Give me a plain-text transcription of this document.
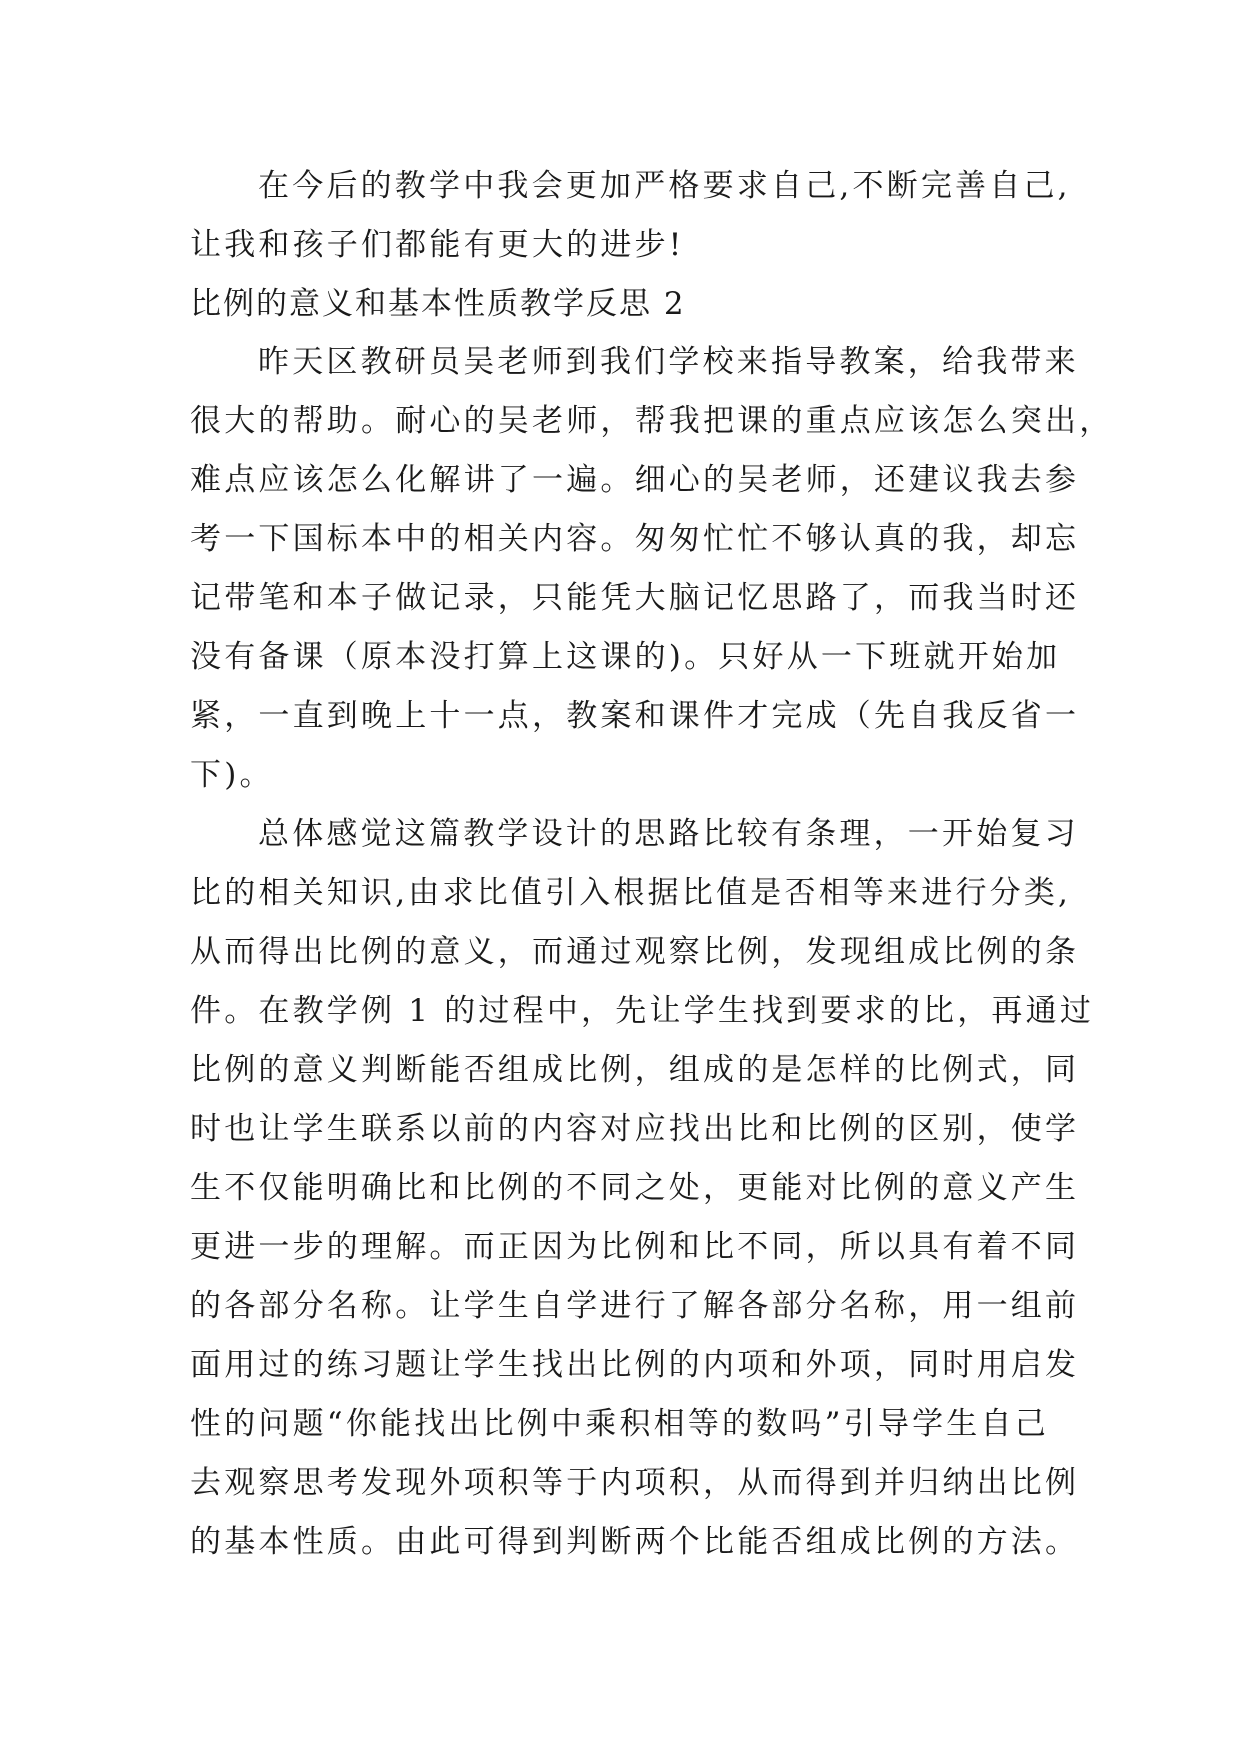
在今后的教学中我会更加严格要求自己,不断完善自己,
让我和孩子们都能有更大的进步!
比例的意义和基本性质教学反思 2
昨天区教研员吴老师到我们学校来指导教案，给我带来
很大的帮助。耐心的吴老师，帮我把课的重点应该怎么突出，
难点应该怎么化解讲了一遍。细心的吴老师，还建议我去参
考一下国标本中的相关内容。匆匆忙忙不够认真的我，却忘
记带笔和本子做记录，只能凭大脑记忆思路了，而我当时还
没有备课（原本没打算上这课的)。只好从一下班就开始加
紧，一直到晚上十一点，教案和课件才完成（先自我反省一
下)。
总体感觉这篇教学设计的思路比较有条理，一开始复习
比的相关知识,由求比值引入根据比值是否相等来进行分类,
从而得出比例的意义，而通过观察比例，发现组成比例的条
件。在教学例 1 的过程中，先让学生找到要求的比，再通过
比例的意义判断能否组成比例，组成的是怎样的比例式，同
时也让学生联系以前的内容对应找出比和比例的区别，使学
生不仅能明确比和比例的不同之处，更能对比例的意义产生
更进一步的理解。而正因为比例和比不同，所以具有着不同
的各部分名称。让学生自学进行了解各部分名称，用一组前
面用过的练习题让学生找出比例的内项和外项，同时用启发
性的问题“你能找出比例中乘积相等的数吗”引导学生自己
去观察思考发现外项积等于内项积，从而得到并归纳出比例
的基本性质。由此可得到判断两个比能否组成比例的方法。
